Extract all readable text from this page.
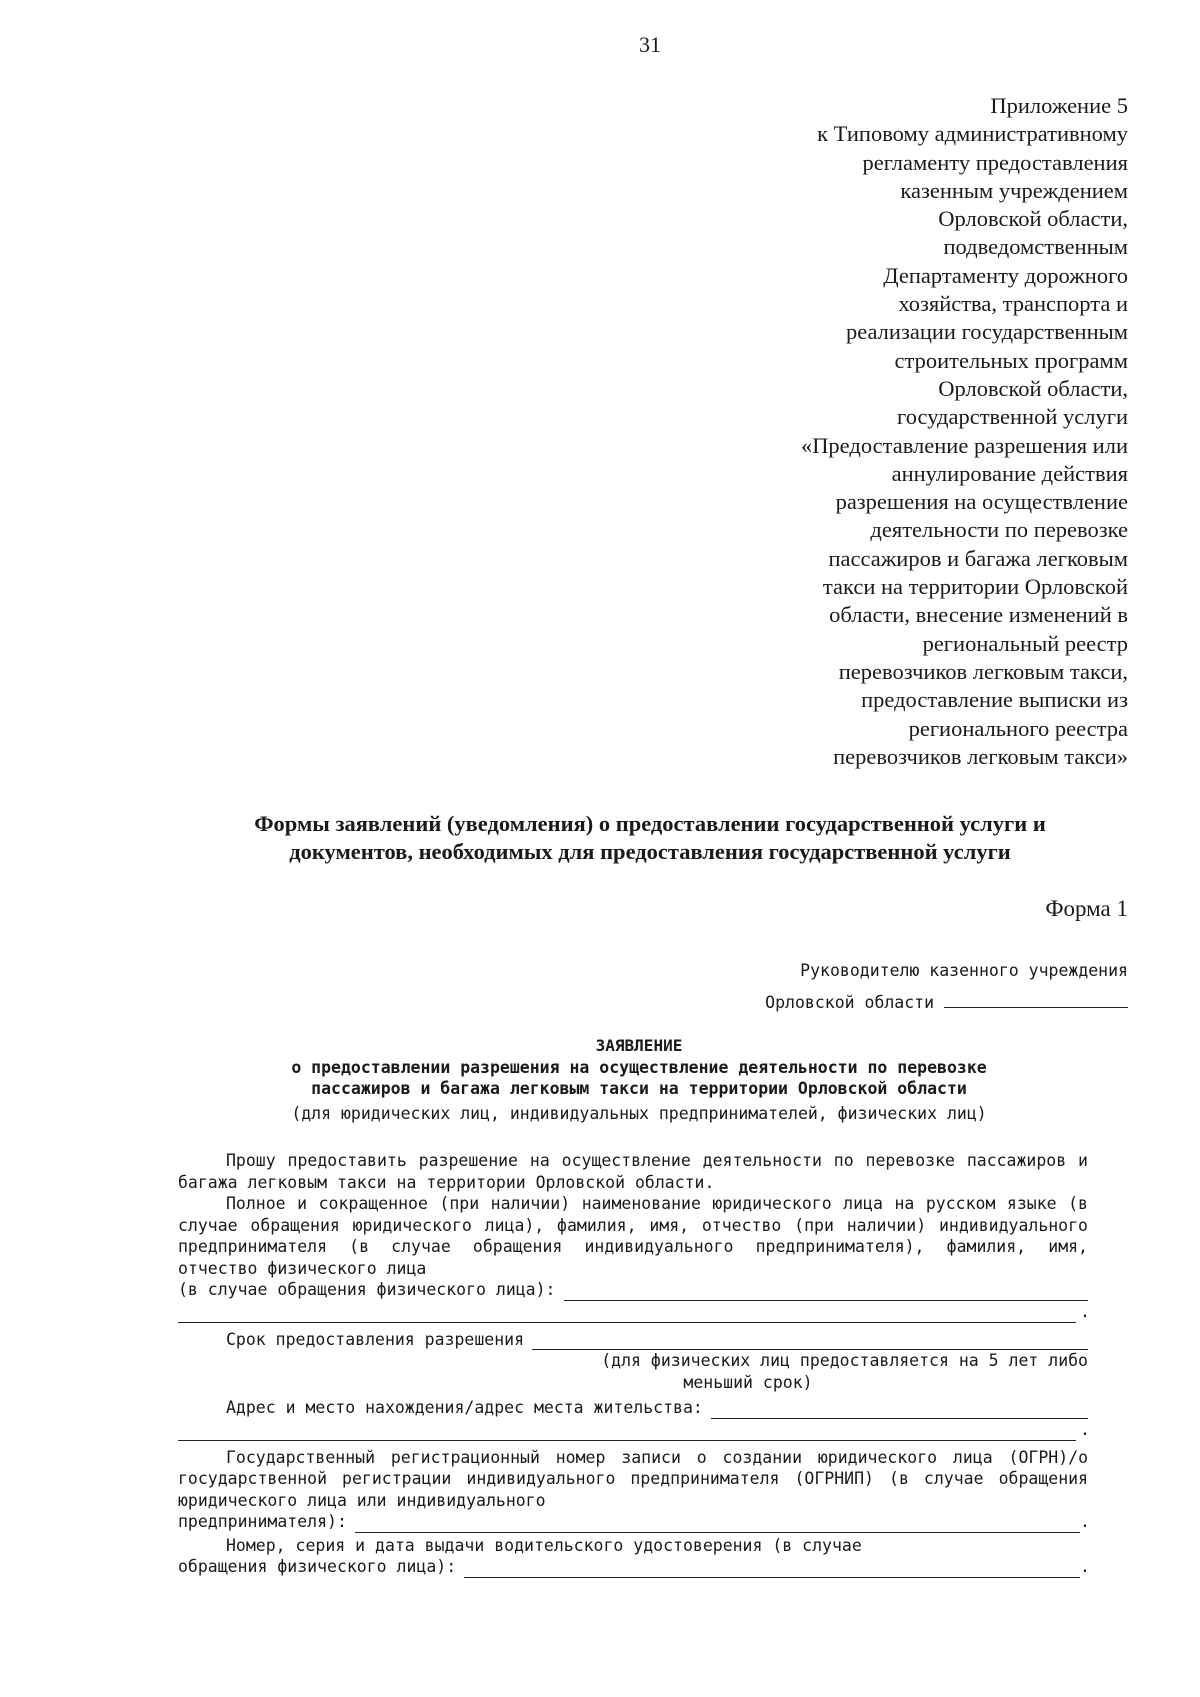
31
Приложение 5
к Типовому административному
регламенту предоставления
казенным учреждением
Орловской области,
подведомственным
Департаменту дорожного
хозяйства, транспорта и
реализации государственным
строительных программ
Орловской области,
государственной услуги
«Предоставление разрешения или
аннулирование действия
разрешения на осуществление
деятельности по перевозке
пассажиров и багажа легковым
такси на территории Орловской
области, внесение изменений в
региональный реестр
перевозчиков легковым такси,
предоставление выписки из
регионального реестра
перевозчиков легковым такси»
Формы заявлений (уведомления) о предоставлении государственной услуги и
документов, необходимых для предоставления государственной услуги
Форма 1
Руководителю казенного учреждения
Орловской области
ЗАЯВЛЕНИЕ
о предоставлении разрешения на осуществление деятельности по перевозке
пассажиров и багажа легковым такси на территории Орловской области
(для юридических лиц, индивидуальных предпринимателей, физических лиц)

Прошу предоставить разрешение на осуществление деятельности по перевозке пассажиров и багажа легковым такси на территории Орловской области.

Полное и сокращенное (при наличии) наименование юридического лица на русском языке (в случае обращения юридического лица), фамилия, имя, отчество (при наличии) индивидуального предпринимателя (в случае обращения индивидуального предпринимателя), фамилия, имя, отчество физического лица

(в случае обращения физического лица):
.
Срок предоставления разрешения
(для физических лиц предоставляется на 5 лет либо
меньший срок)
Адрес и место нахождения/адрес места жительства:
.

Государственный регистрационный номер записи о создании юридического лица (ОГРН)/о государственной регистрации индивидуального предпринимателя (ОГРНИП) (в случае обращения юридического лица или индивидуального

предпринимателя):	.

Номер, серия и дата выдачи водительского удостоверения (в случае

обращения физического лица):	.
